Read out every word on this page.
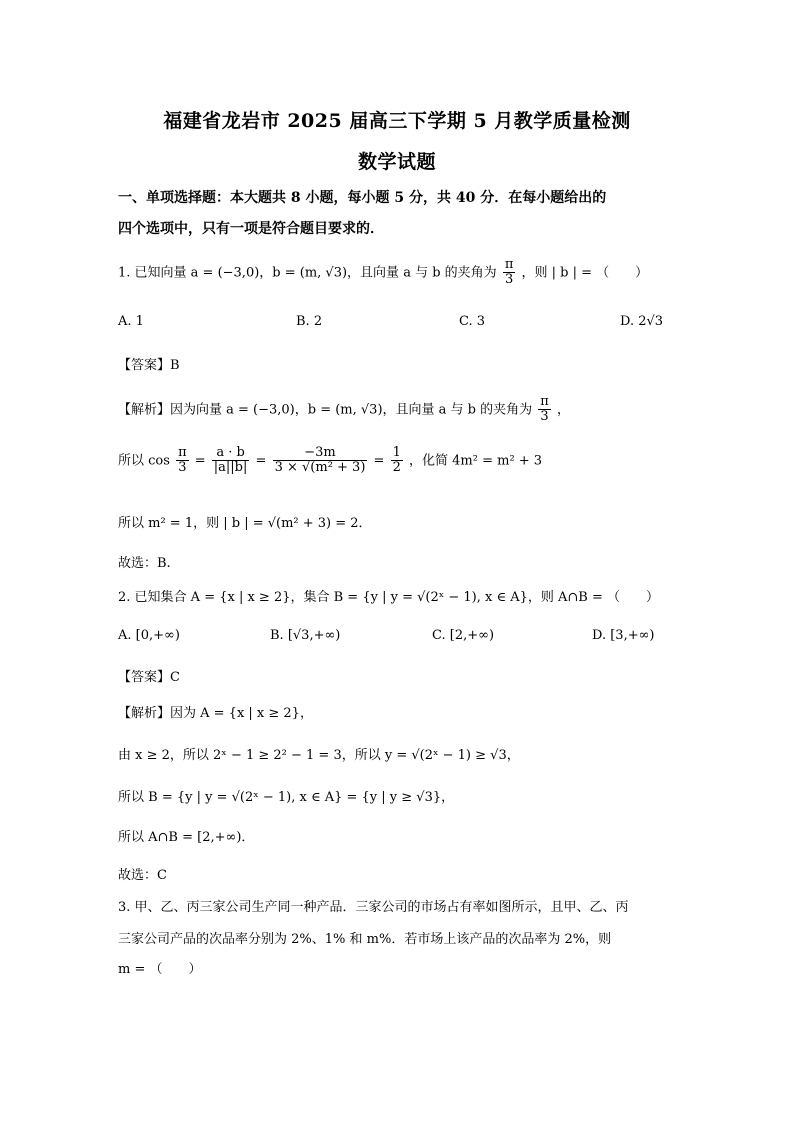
福建省龙岩市 2025 届高三下学期 5 月教学质量检测
数学试题
一、单项选择题：本大题共 8 小题，每小题 5 分，共 40 分．在每小题给出的
四个选项中，只有一项是符合题目要求的．
1. 已知向量 a = (−3,0)，b = (m, √3)，且向量 a 与 b 的夹角为 $\frac{\pi}{3}$ ，则 | b | = （　　）
A. 1	B. 2	C. 3	D. 2√3
【答案】B
【解析】因为向量 a = (−3,0)，b = (m, √3)，且向量 a 与 b 的夹角为 $\frac{\pi}{3}$ ，
所以 $\cos \frac{\pi}{3} = \frac{a \cdot b}{|a||b|} = \frac{-3m}{\text{3 × √(m² + 3)}} = \frac{1}{2}$ ，化简 4m² = m² + 3
所以 m² = 1，则 | b | = √(m² + 3) = 2．
故选：B.
2. 已知集合 A = {x | x ≥ 2}，集合 B = {y | y = √(2ˣ − 1), x ∈ A}，则 A∩B = （　　）
A. [0,+∞)	B. [√3,+∞)	C. [2,+∞)	D. [3,+∞)
【答案】C
【解析】因为 A = {x | x ≥ 2}，
由 x ≥ 2，所以 2ˣ − 1 ≥ 2² − 1 = 3，所以 y = √(2ˣ − 1) ≥ √3，
所以 B = {y | y = √(2ˣ − 1), x ∈ A} = {y | y ≥ √3}，
所以 A∩B = [2,+∞)．
故选：C
3. 甲、乙、丙三家公司生产同一种产品．三家公司的市场占有率如图所示，且甲、乙、丙
三家公司产品的次品率分别为 2%、1% 和 m%．若市场上该产品的次品率为 2%，则
m = （　　）
